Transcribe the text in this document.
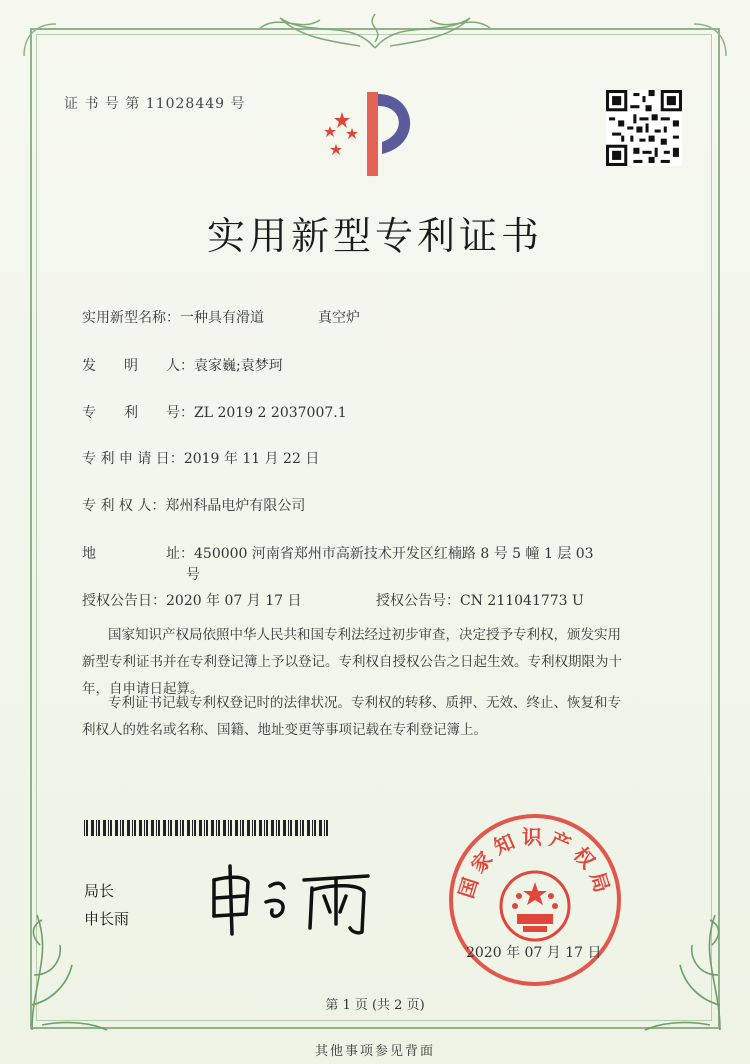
证 书 号 第 11028449 号
实用新型专利证书
实用新型名称：一种具有滑道	真空炉
发　　明　　人：袁家巍;袁梦珂
专　　利　　号：ZL 2019 2 2037007.1
专 利 申 请 日：2019 年 11 月 22 日
专 利 权 人：郑州科晶电炉有限公司
地　　　　　址：450000 河南省郑州市高新技术开发区红楠路 8 号 5 幢 1 层 03
号
授权公告日：2020 年 07 月 17 日	授权公告号：CN 211041773 U
国家知识产权局依照中华人民共和国专利法经过初步审查，决定授予专利权，颁发实用
新型专利证书并在专利登记簿上予以登记。专利权自授权公告之日起生效。专利权期限为十
年，自申请日起算。
专利证书记载专利权登记时的法律状况。专利权的转移、质押、无效、终止、恢复和专
利权人的姓名或名称、国籍、地址变更等事项记载在专利登记簿上。
局长
申长雨
国家知识产权局
2020 年 07 月 17 日
第 1 页 (共 2 页)
其他事项参见背面
